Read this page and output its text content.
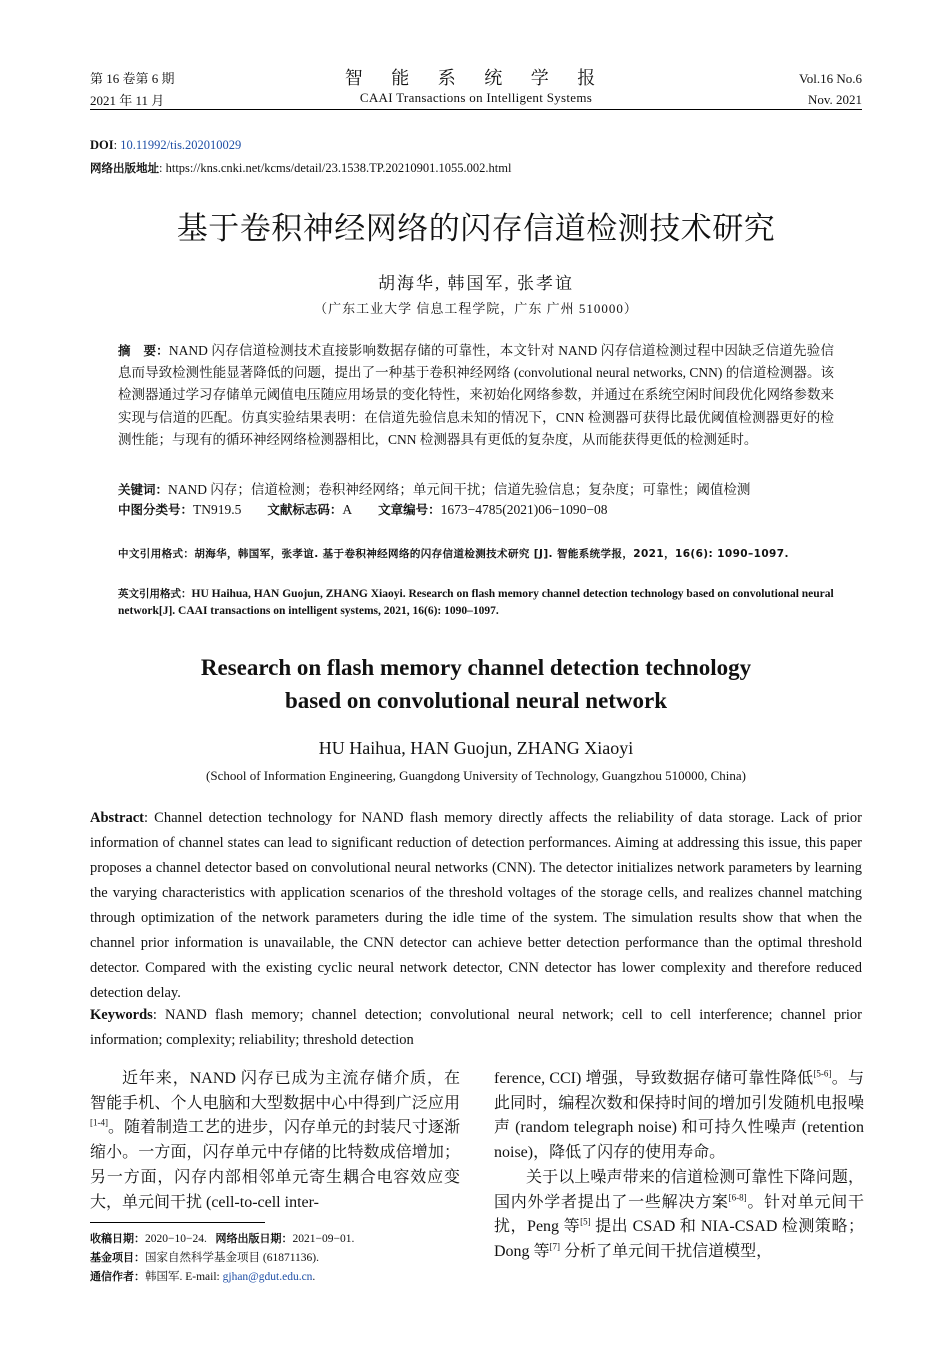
第 16 卷第 6 期
2021 年 11 月
智 能 系 统 学 报
CAAI Transactions on Intelligent Systems
Vol.16 No.6
Nov. 2021
DOI: 10.11992/tis.202010029
网络出版地址: https://kns.cnki.net/kcms/detail/23.1538.TP.20210901.1055.002.html
基于卷积神经网络的闪存信道检测技术研究
胡海华, 韩国军, 张孝谊
（广东工业大学 信息工程学院，广东 广州 510000）
摘　要：NAND 闪存信道检测技术直接影响数据存储的可靠性，本文针对 NAND 闪存信道检测过程中因缺乏信道先验信息而导致检测性能显著降低的问题，提出了一种基于卷积神经网络 (convolutional neural networks, CNN) 的信道检测器。该检测器通过学习存储单元阈值电压随应用场景的变化特性，来初始化网络参数，并通过在系统空闲时间段优化网络参数来实现与信道的匹配。仿真实验结果表明：在信道先验信息未知的情况下，CNN 检测器可获得比最优阈值检测器更好的检测性能；与现有的循环神经网络检测器相比，CNN 检测器具有更低的复杂度，从而能获得更低的检测延时。
关键词：NAND 闪存；信道检测；卷积神经网络；单元间干扰；信道先验信息；复杂度；可靠性；阈值检测
中图分类号：TN919.5 文献标志码：A 文章编号：1673−4785(2021)06−1090−08
中文引用格式：胡海华，韩国军，张孝谊. 基于卷积神经网络的闪存信道检测技术研究 [J]. 智能系统学报，2021，16(6): 1090–1097.
英文引用格式：HU Haihua, HAN Guojun, ZHANG Xiaoyi. Research on flash memory channel detection technology based on convolutional neural network[J]. CAAI transactions on intelligent systems, 2021, 16(6): 1090–1097.
Research on flash memory channel detection technology
based on convolutional neural network
HU Haihua, HAN Guojun, ZHANG Xiaoyi
(School of Information Engineering, Guangdong University of Technology, Guangzhou 510000, China)
Abstract: Channel detection technology for NAND flash memory directly affects the reliability of data storage. Lack of prior information of channel states can lead to significant reduction of detection performances. Aiming at addressing this issue, this paper proposes a channel detector based on convolutional neural networks (CNN). The detector initializes network parameters by learning the varying characteristics with application scenarios of the threshold voltages of the storage cells, and realizes channel matching through optimization of the network parameters during the idle time of the system. The simulation results show that when the channel prior information is unavailable, the CNN detector can achieve better detection performance than the optimal threshold detector. Compared with the existing cyclic neural network detector, CNN detector has lower complexity and therefore reduced detection delay.
Keywords: NAND flash memory; channel detection; convolutional neural network; cell to cell interference; channel prior information; complexity; reliability; threshold detection
近年来，NAND 闪存已成为主流存储介质，在智能手机、个人电脑和大型数据中心中得到广泛应用[1-4]。随着制造工艺的进步，闪存单元的封装尺寸逐渐缩小。一方面，闪存单元中存储的比特数成倍增加；另一方面，闪存内部相邻单元寄生耦合电容效应变大，单元间干扰 (cell-to-cell inter-

ference, CCI) 增强，导致数据存储可靠性降低[5-6]。与此同时，编程次数和保持时间的增加引发随机电报噪声 (random telegraph noise) 和可持久性噪声 (retention noise)，降低了闪存的使用寿命。

关于以上噪声带来的信道检测可靠性下降问题，国内外学者提出了一些解决方案[6-8]。针对单元间干扰，Peng 等[5] 提出 CSAD 和 NIA-CSAD 检测策略；Dong 等[7] 分析了单元间干扰信道模型，

收稿日期：2020−10−24. 网络出版日期：2021−09−01.
基金项目：国家自然科学基金项目 (61871136).
通信作者：韩国军. E-mail: gjhan@gdut.edu.cn.
